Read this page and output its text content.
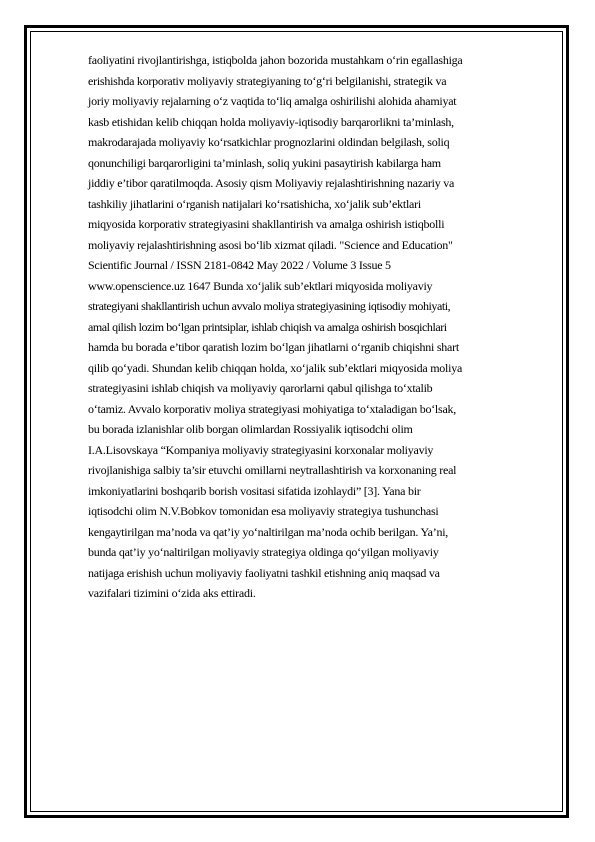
faoliyatini rivojlantirishga, istiqbolda jahon bozorida mustahkam o‘rin egallashiga
erishishda korporativ moliyaviy strategiyaning to‘g‘ri belgilanishi, strategik va
joriy moliyaviy rejalarning o‘z vaqtida to‘liq amalga oshirilishi alohida ahamiyat
kasb etishidan kelib chiqqan holda moliyaviy-iqtisodiy barqarorlikni ta’minlash,
makrodarajada moliyaviy ko‘rsatkichlar prognozlarini oldindan belgilash, soliq
qonunchiligi barqarorligini ta’minlash, soliq yukini pasaytirish kabilarga ham
jiddiy e’tibor qaratilmoqda. Asosiy qism Moliyaviy rejalashtirishning nazariy va
tashkiliy jihatlarini o‘rganish natijalari ko‘rsatishicha, xo‘jalik sub’ektlari
miqyosida korporativ strategiyasini shakllantirish va amalga oshirish istiqbolli
moliyaviy rejalashtirishning asosi bo‘lib xizmat qiladi. "Science and Education"
Scientific Journal / ISSN 2181-0842 May 2022 / Volume 3 Issue 5
www.openscience.uz 1647 Bunda xo‘jalik sub’ektlari miqyosida moliyaviy
strategiyani shakllantirish uchun avvalo moliya strategiyasining iqtisodiy mohiyati,
amal qilish lozim bo‘lgan printsiplar, ishlab chiqish va amalga oshirish bosqichlari
hamda bu borada e’tibor qaratish lozim bo‘lgan jihatlarni o‘rganib chiqishni shart
qilib qo‘yadi. Shundan kelib chiqqan holda, xo‘jalik sub’ektlari miqyosida moliya
strategiyasini ishlab chiqish va moliyaviy qarorlarni qabul qilishga to‘xtalib
o‘tamiz. Avvalo korporativ moliya strategiyasi mohiyatiga to‘xtaladigan bo‘lsak,
bu borada izlanishlar olib borgan olimlardan Rossiyalik iqtisodchi olim
I.A.Lisovskaya “Kompaniya moliyaviy strategiyasini korxonalar moliyaviy
rivojlanishiga salbiy ta’sir etuvchi omillarni neytrallashtirish va korxonaning real
imkoniyatlarini boshqarib borish vositasi sifatida izohlaydi” [3]. Yana bir
iqtisodchi olim N.V.Bobkov tomonidan esa moliyaviy strategiya tushunchasi
kengaytirilgan ma’noda va qat’iy yo‘naltirilgan ma’noda ochib berilgan. Ya’ni,
bunda qat’iy yo‘naltirilgan moliyaviy strategiya oldinga qo‘yilgan moliyaviy
natijaga erishish uchun moliyaviy faoliyatni tashkil etishning aniq maqsad va
vazifalari tizimini o‘zida aks ettiradi.
